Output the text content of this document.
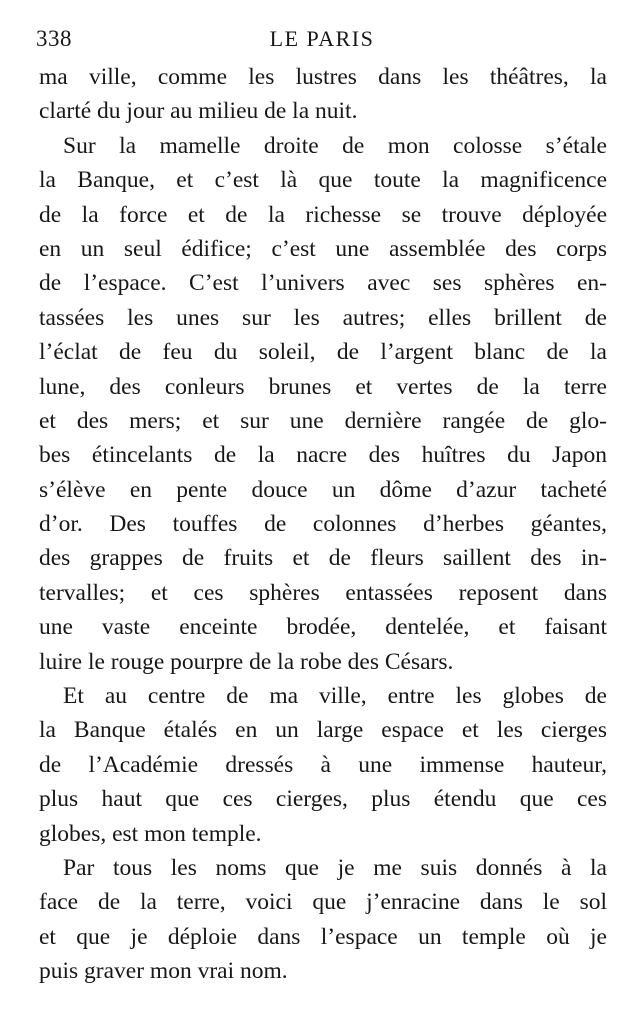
338	LE PARIS
ma ville, comme les lustres dans les théâtres, la
clarté du jour au milieu de la nuit.
Sur la mamelle droite de mon colosse s’étale
la Banque, et c’est là que toute la magnificence
de la force et de la richesse se trouve déployée
en un seul édifice; c’est une assemblée des corps
de l’espace. C’est l’univers avec ses sphères en-
tassées les unes sur les autres; elles brillent de
l’éclat de feu du soleil, de l’argent blanc de la
lune, des conleurs brunes et vertes de la terre
et des mers; et sur une dernière rangée de glo-
bes étincelants de la nacre des huîtres du Japon
s’élève en pente douce un dôme d’azur tacheté
d’or. Des touffes de colonnes d’herbes géantes,
des grappes de fruits et de fleurs saillent des in-
tervalles; et ces sphères entassées reposent dans
une vaste enceinte brodée, dentelée, et faisant
luire le rouge pourpre de la robe des Césars.
Et au centre de ma ville, entre les globes de
la Banque étalés en un large espace et les cierges
de l’Académie dressés à une immense hauteur,
plus haut que ces cierges, plus étendu que ces
globes, est mon temple.
Par tous les noms que je me suis donnés à la
face de la terre, voici que j’enracine dans le sol
et que je déploie dans l’espace un temple où je
puis graver mon vrai nom.
